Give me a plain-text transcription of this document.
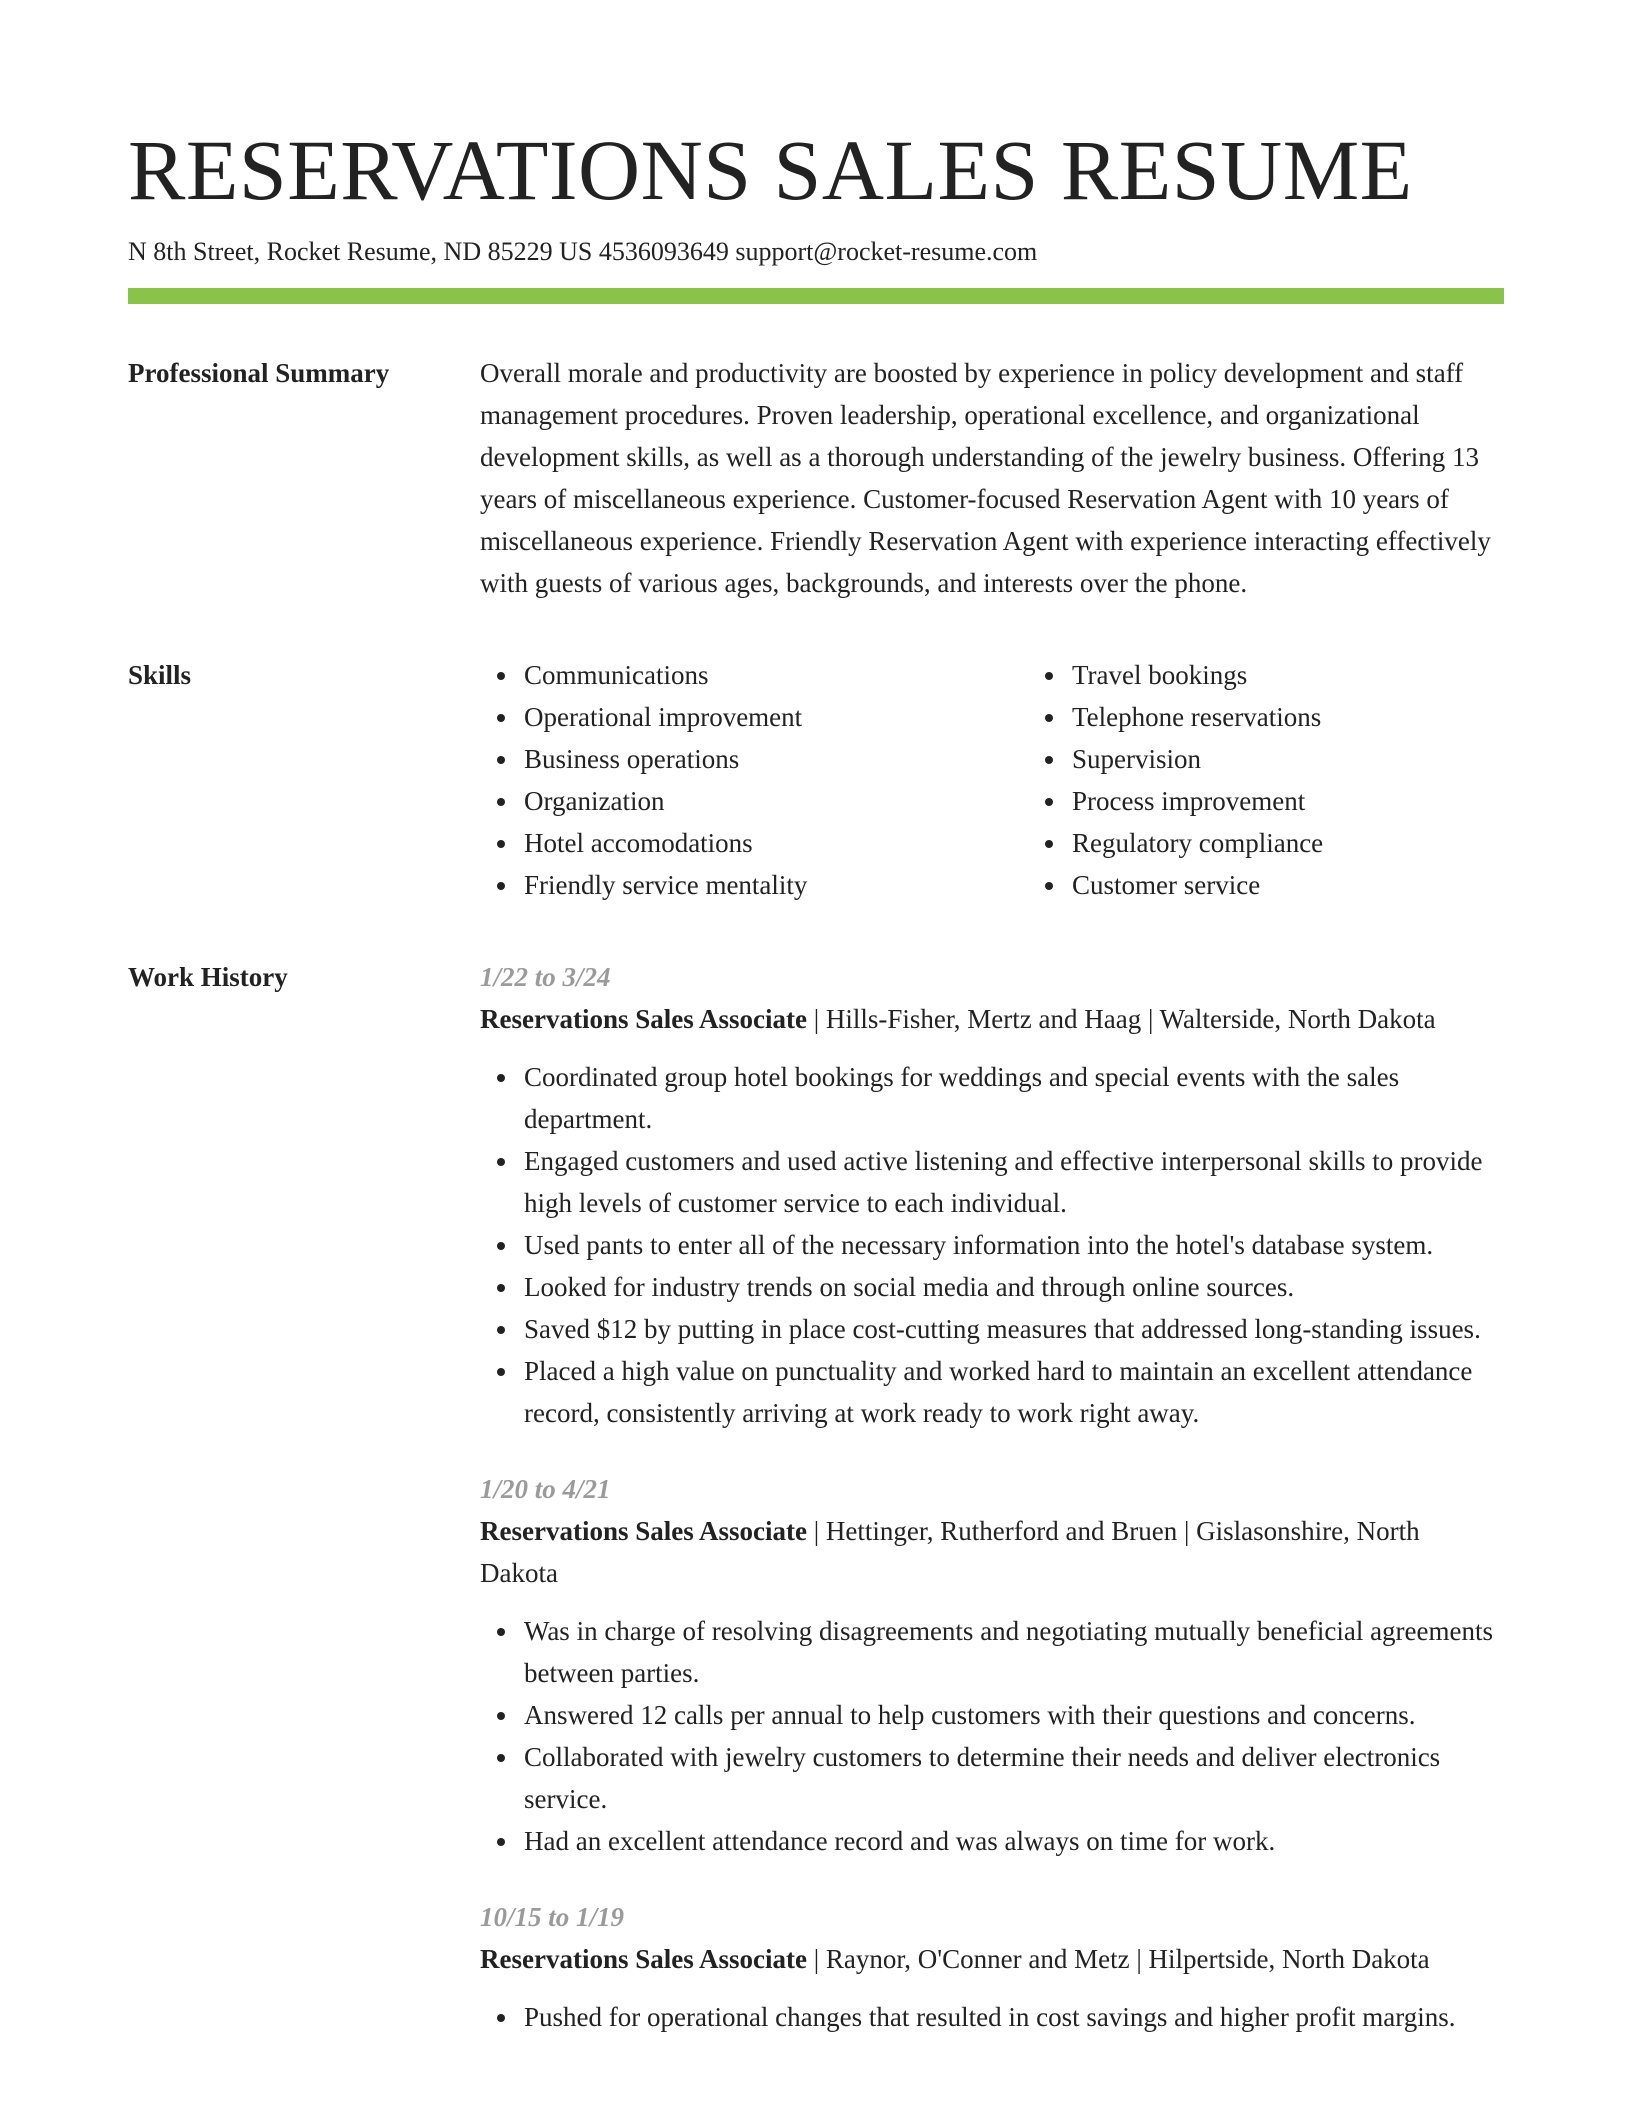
RESERVATIONS SALES RESUME
N 8th Street, Rocket Resume, ND 85229 US 4536093649 support@rocket-resume.com
Professional Summary	Overall morale and productivity are boosted by experience in policy development and staff management procedures. Proven leadership, operational excellence, and organizational development skills, as well as a thorough understanding of the jewelry business. Offering 13 years of miscellaneous experience. Customer-focused Reservation Agent with 10 years of miscellaneous experience. Friendly Reservation Agent with experience interacting effectively with guests of various ages, backgrounds, and interests over the phone.

Skills	Communications
Operational improvement
Business operations
Organization
Hotel accomodations
Friendly service mentality
Travel bookings
Telephone reservations
Supervision
Process improvement
Regulatory compliance
Customer service
Work History	1/22 to 3/24
Reservations Sales Associate | Hills-Fisher, Mertz and Haag | Walterside, North Dakota
Coordinated group hotel bookings for weddings and special events with the sales department.
Engaged customers and used active listening and effective interpersonal skills to provide high levels of customer service to each individual.
Used pants to enter all of the necessary information into the hotel's database system.
Looked for industry trends on social media and through online sources.
Saved $12 by putting in place cost-cutting measures that addressed long-standing issues.
Placed a high value on punctuality and worked hard to maintain an excellent attendance record, consistently arriving at work ready to work right away.
1/20 to 4/21
Reservations Sales Associate | Hettinger, Rutherford and Bruen | Gislasonshire, North Dakota
Was in charge of resolving disagreements and negotiating mutually beneficial agreements between parties.
Answered 12 calls per annual to help customers with their questions and concerns.
Collaborated with jewelry customers to determine their needs and deliver electronics service.
Had an excellent attendance record and was always on time for work.
10/15 to 1/19
Reservations Sales Associate | Raynor, O'Conner and Metz | Hilpertside, North Dakota
Pushed for operational changes that resulted in cost savings and higher profit margins.
